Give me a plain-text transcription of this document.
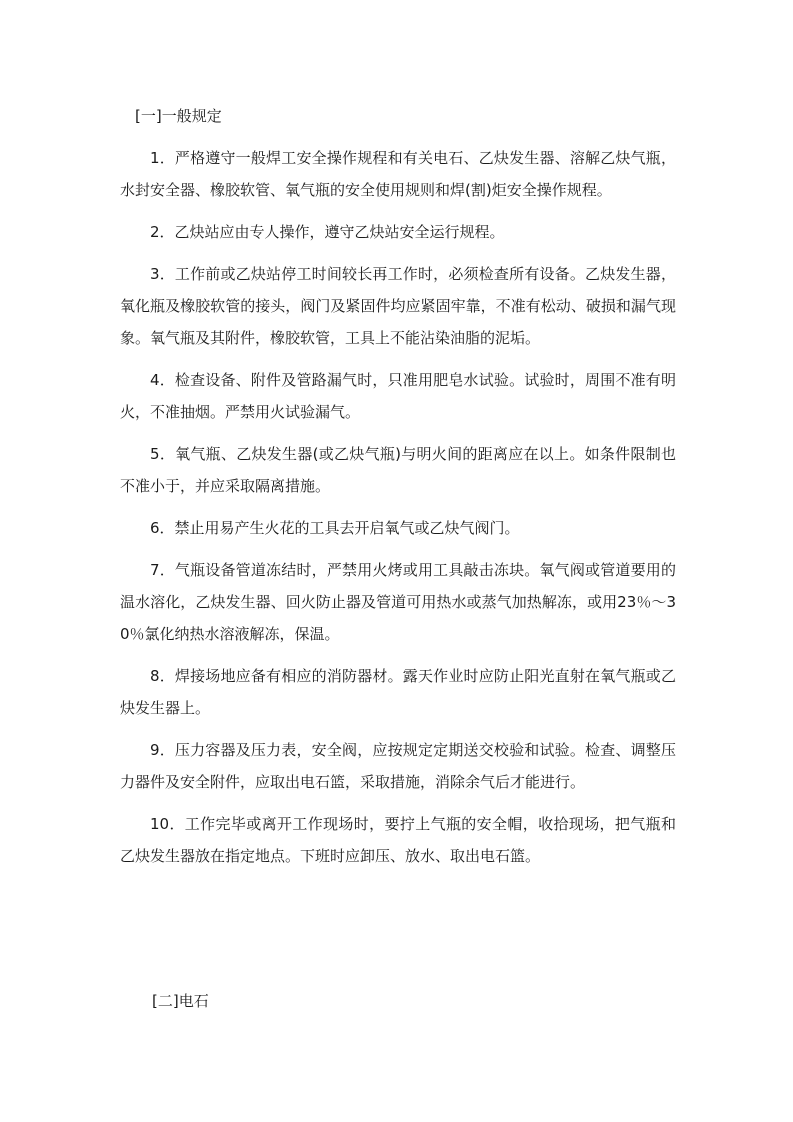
[一]一般规定

1．严格遵守一般焊工安全操作规程和有关电石、乙炔发生器、溶解乙炔气瓶，水封安全器、橡胶软管、氧气瓶的安全使用规则和焊(割)炬安全操作规程。

2．乙炔站应由专人操作，遵守乙炔站安全运行规程。

3．工作前或乙炔站停工时间较长再工作时，必须检查所有设备。乙炔发生器，氧化瓶及橡胶软管的接头，阀门及紧固件均应紧固牢靠，不准有松动、破损和漏气现象。氧气瓶及其附件，橡胶软管，工具上不能沾染油脂的泥垢。

4．检查设备、附件及管路漏气时，只准用肥皂水试验。试验时，周围不准有明火，不准抽烟。严禁用火试验漏气。

5．氧气瓶、乙炔发生器(或乙炔气瓶)与明火间的距离应在以上。如条件限制也不准小于，并应采取隔离措施。

6．禁止用易产生火花的工具去开启氧气或乙炔气阀门。

7．气瓶设备管道冻结时，严禁用火烤或用工具敲击冻块。氧气阀或管道要用的温水溶化，乙炔发生器、回火防止器及管道可用热水或蒸气加热解冻，或用23％～30％氯化纳热水溶液解冻，保温。

8．焊接场地应备有相应的消防器材。露天作业时应防止阳光直射在氧气瓶或乙炔发生器上。

9．压力容器及压力表，安全阀，应按规定定期送交校验和试验。检查、调整压力器件及安全附件，应取出电石篮，采取措施，消除余气后才能进行。

10．工作完毕或离开工作现场时，要拧上气瓶的安全帽，收拾现场，把气瓶和乙炔发生器放在指定地点。下班时应卸压、放水、取出电石篮。

[二]电石
